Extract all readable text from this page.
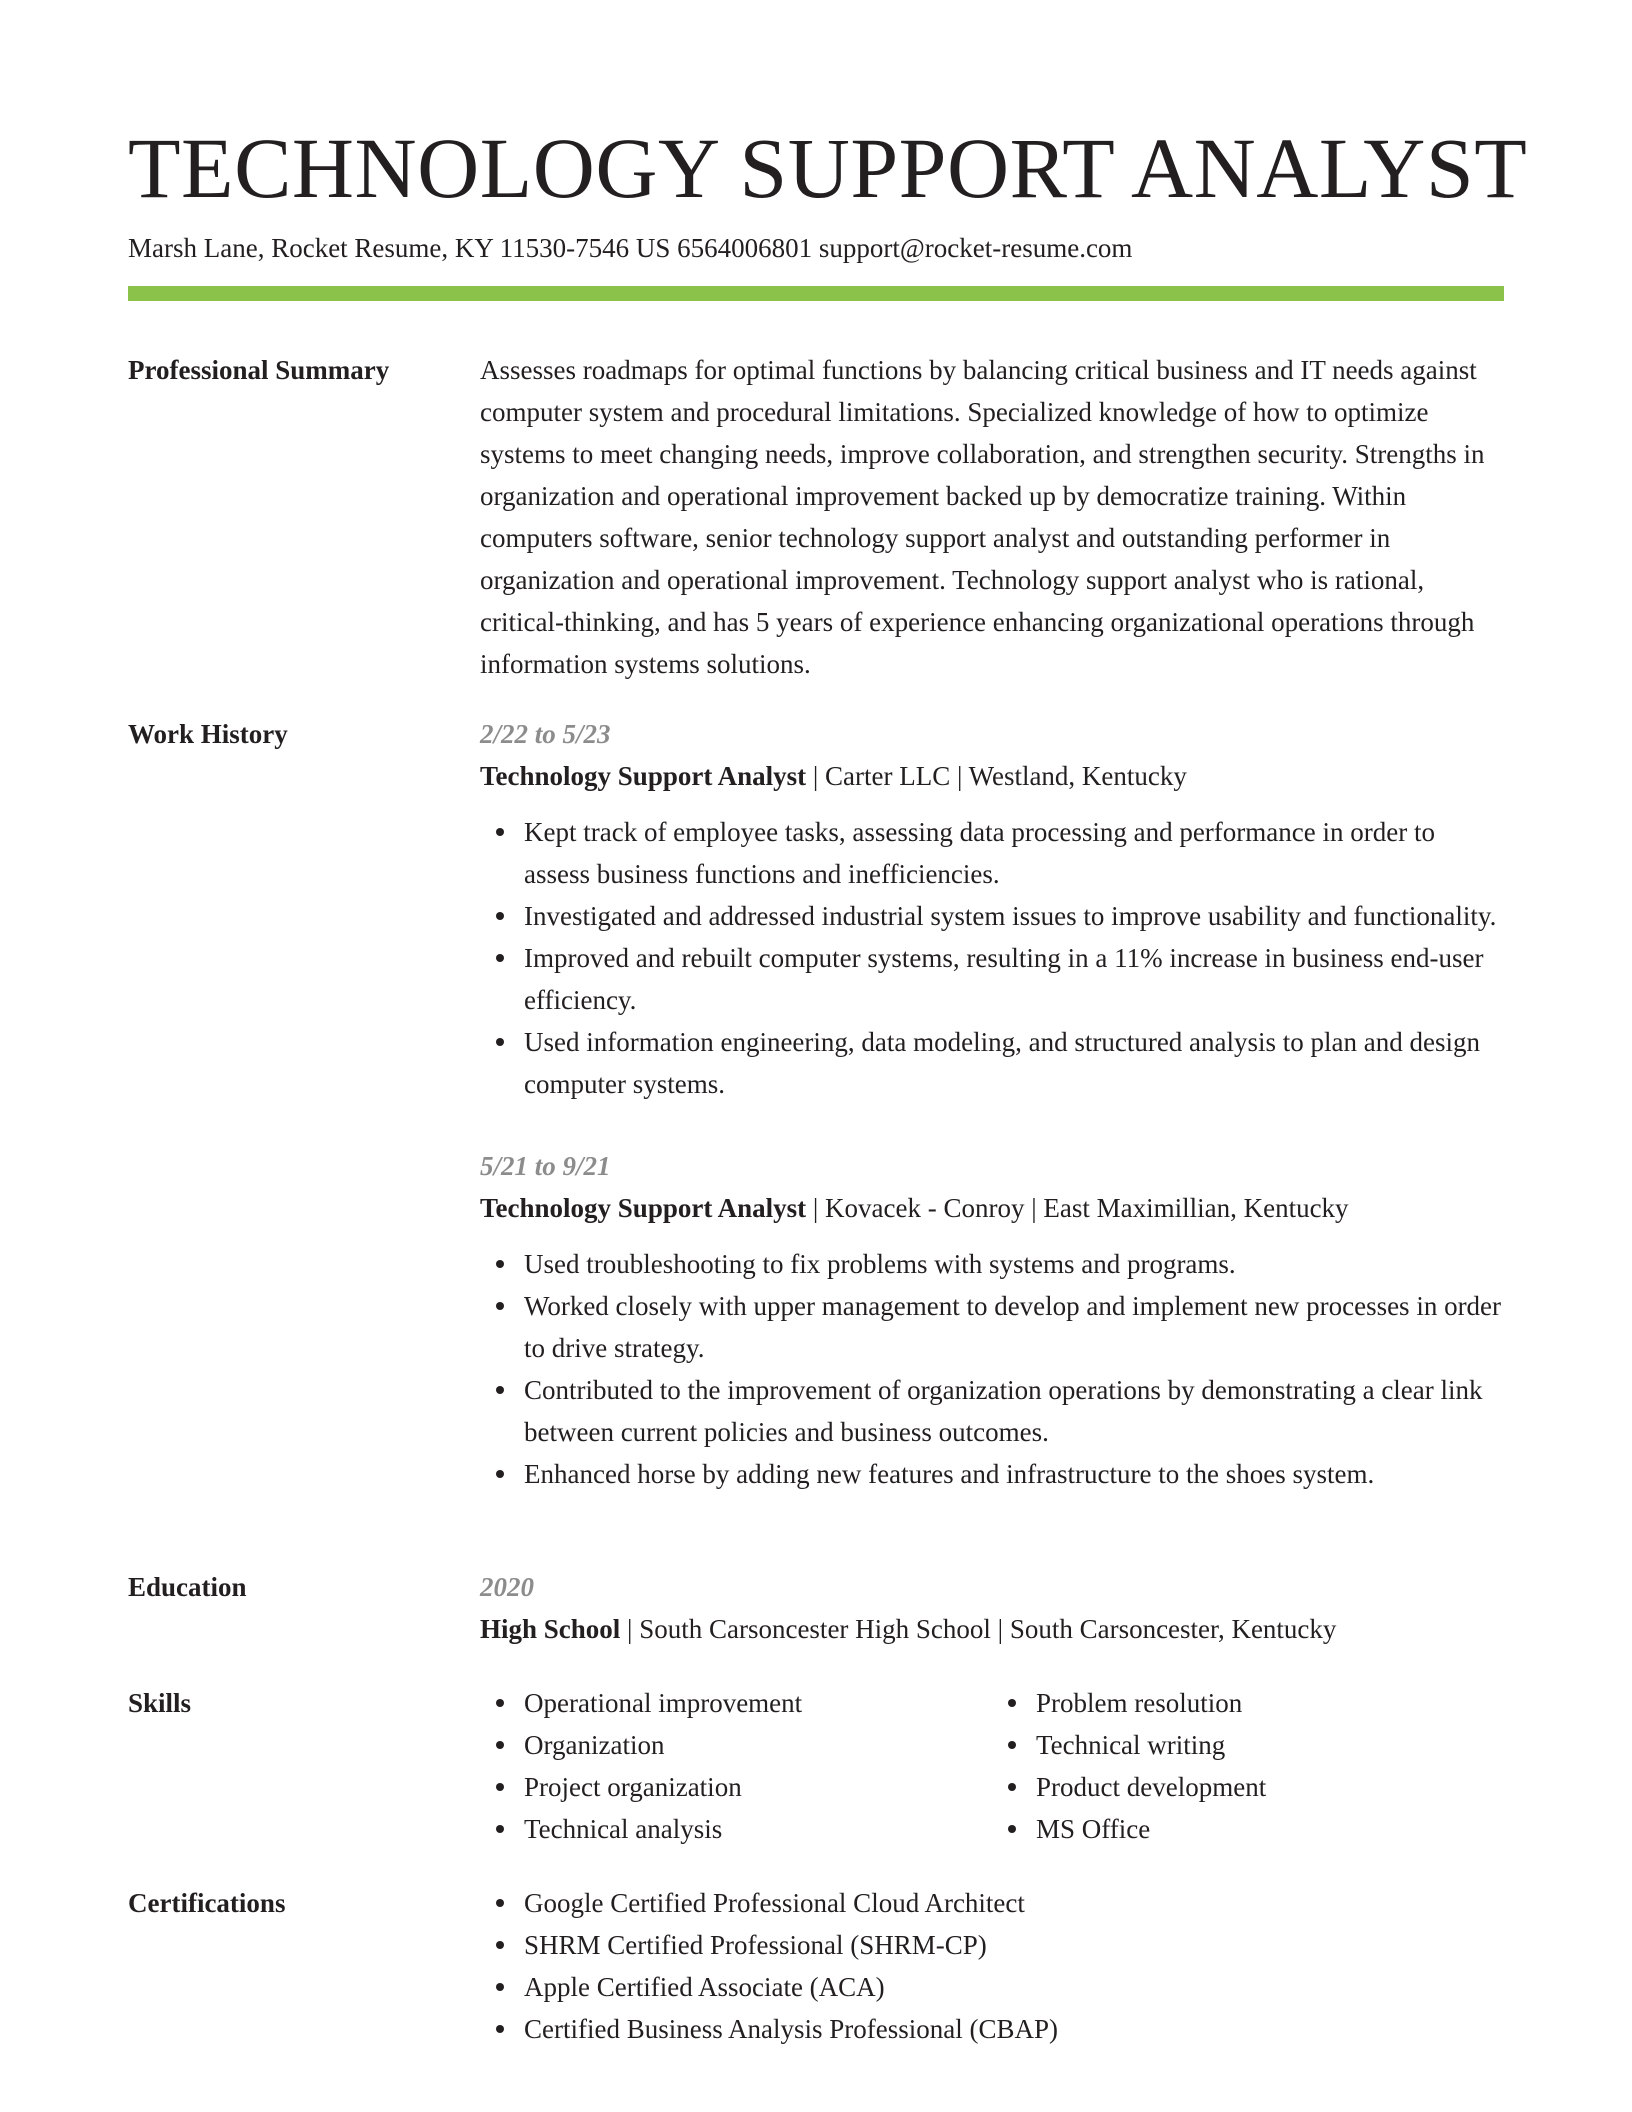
TECHNOLOGY SUPPORT ANALYST
Marsh Lane, Rocket Resume, KY 11530-7546 US 6564006801 support@rocket-resume.com
Professional Summary	Assesses roadmaps for optimal functions by balancing critical business and IT needs against computer system and procedural limitations. Specialized knowledge of how to optimize systems to meet changing needs, improve collaboration, and strengthen security. Strengths in organization and operational improvement backed up by democratize training. Within computers software, senior technology support analyst and outstanding performer in organization and operational improvement. Technology support analyst who is rational, critical-thinking, and has 5 years of experience enhancing organizational operations through information systems solutions.

Work History	2/22 to 5/23
Technology Support Analyst | Carter LLC | Westland, Kentucky
Kept track of employee tasks, assessing data processing and performance in order to assess business functions and inefficiencies.
Investigated and addressed industrial system issues to improve usability and functionality.
Improved and rebuilt computer systems, resulting in a 11% increase in business end-user efficiency.
Used information engineering, data modeling, and structured analysis to plan and design computer systems.
5/21 to 9/21
Technology Support Analyst | Kovacek - Conroy | East Maximillian, Kentucky
Used troubleshooting to fix problems with systems and programs.
Worked closely with upper management to develop and implement new processes in order to drive strategy.
Contributed to the improvement of organization operations by demonstrating a clear link between current policies and business outcomes.
Enhanced horse by adding new features and infrastructure to the shoes system.
Education	2020
High School | South Carsoncester High School | South Carsoncester, Kentucky
Skills	Operational improvement
Organization
Project organization
Technical analysis
Problem resolution
Technical writing
Product development
MS Office
Certifications	Google Certified Professional Cloud Architect
SHRM Certified Professional (SHRM-CP)
Apple Certified Associate (ACA)
Certified Business Analysis Professional (CBAP)
